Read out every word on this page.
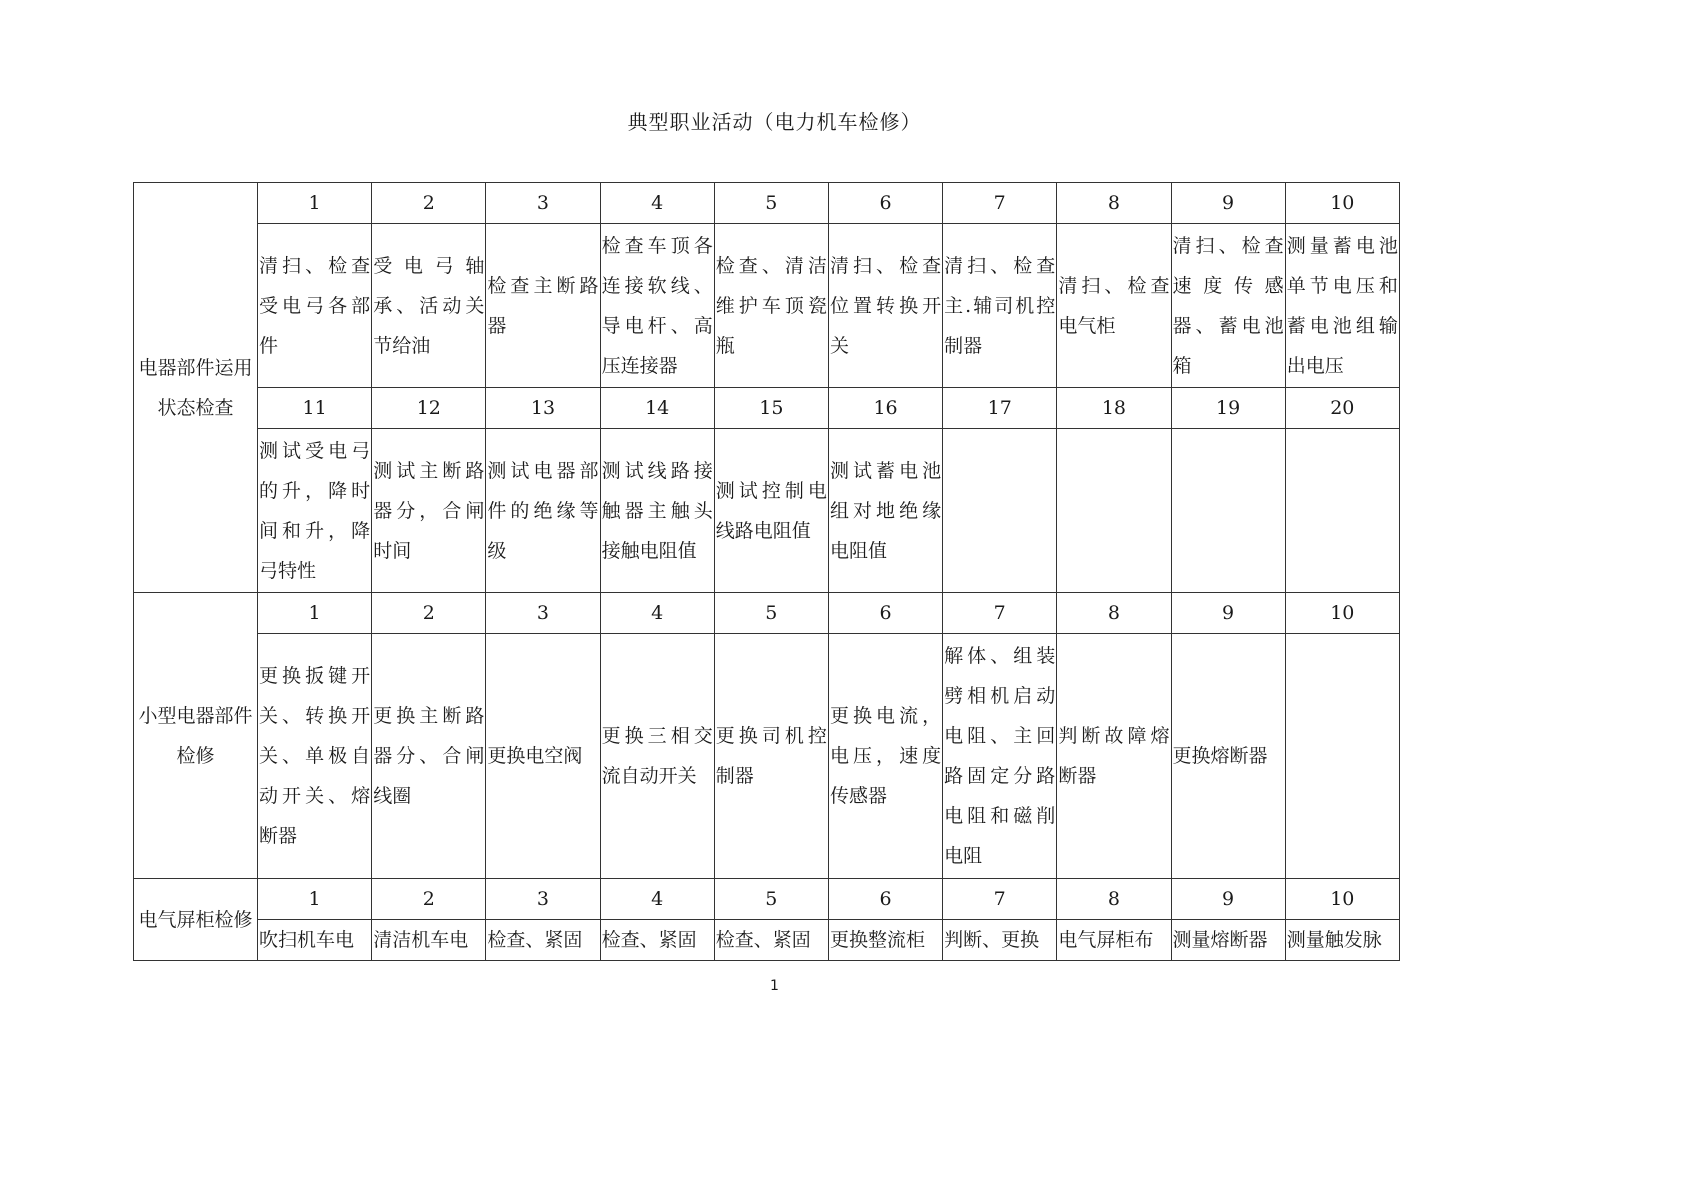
典型职业活动（电力机车检修）
电器部件运用状态检查	1	2	3	4	5	6	7	8	9	10
	清扫、检查受电弓各部件	受 电 弓 轴承、活动关节给油	检查主断路器	检查车顶各连接软线、导电杆、高压连接器	检查、清洁维护车顶瓷瓶	清扫、检查位置转换开关	清扫、检查主.辅司机控制器	清扫、检查电气柜	清扫、检查速 度 传 感器、蓄电池箱	测量蓄电池单节电压和蓄电池组输出电压
	11	12	13	14	15	16	17	18	19	20
	测试受电弓的升，降时间和升，降弓特性	测试主断路器分，合闸时间	测试电器部件的绝缘等级	测试线路接触器主触头接触电阻值	测试控制电线路电阻值	测试蓄电池组对地绝缘电阻值				
小型电器部件检修	1	2	3	4	5	6	7	8	9	10
	更换扳键开关、转换开关、单极自动开关、熔断器	更换主断路器分、合闸线圈	更换电空阀	更换三相交流自动开关	更换司机控制器	更换电流，电压，速度传感器	解体、组装劈相机启动电阻、主回路固定分路电阻和磁削电阻	判断故障熔断器	更换熔断器	
电气屏柜检修	1	2	3	4	5	6	7	8	9	10
	吹扫机车电	清洁机车电	检查、紧固	检查、紧固	检查、紧固	更换整流柜	判断、更换	电气屏柜布	测量熔断器	测量触发脉
1
